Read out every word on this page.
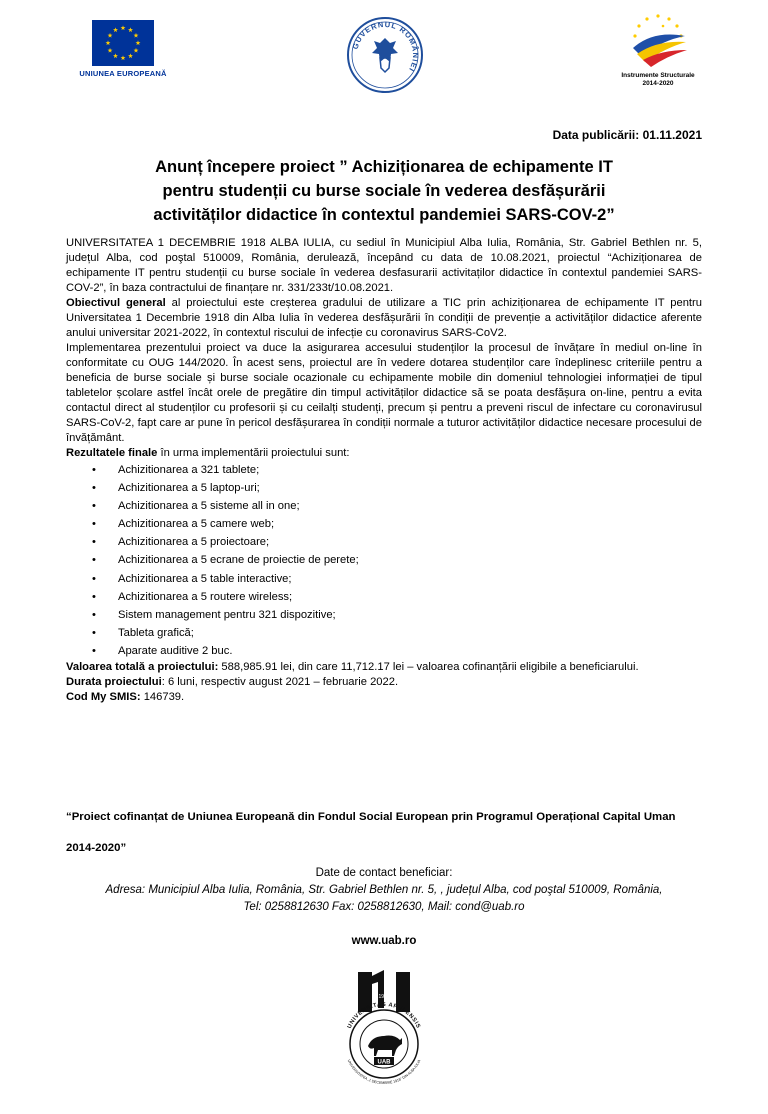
UNIUNEA EUROPEANĂ
GUVERNUL ROMÂNIEI
Instrumente Structurale
2014-2020
Data publicării: 01.11.2021
Anunț începere proiect ” Achiziționarea de echipamente IT
pentru studenții cu burse sociale în vederea desfășurării
activităților didactice în contextul pandemiei SARS-COV-2”

UNIVERSITATEA 1 DECEMBRIE 1918 ALBA IULIA, cu sediul în Municipiul Alba Iulia, România, Str. Gabriel Bethlen nr. 5, județul Alba, cod poştal 510009, România, derulează, începând cu data de 10.08.2021, proiectul “Achiziționarea de echipamente IT pentru studenții cu burse sociale în vederea desfasurarii activitaților didactice în contextul pandemiei SARS-COV-2”, în baza contractului de finanțare nr. 331/233t/10.08.2021.

Obiectivul general al proiectului este creșterea gradului de utilizare a TIC prin achiziționarea de echipamente IT pentru Universitatea 1 Decembrie 1918 din Alba Iulia în vederea desfășurării în condiții de prevenție a activităților didactice aferente anului universitar 2021-2022, în contextul riscului de infecție cu coronavirus SARS-CoV2.

Implementarea prezentului proiect va duce la asigurarea accesului studenților la procesul de învățare în mediul on-line în conformitate cu OUG 144/2020. În acest sens, proiectul are în vedere dotarea studenților care îndeplinesc criteriile pentru a beneficia de burse sociale și burse sociale ocazionale cu echipamente mobile din domeniul tehnologiei informației de tipul tabletelor școlare astfel încât orele de pregătire din timpul activităților didactice să se poata desfășura on-line, pentru a evita contactul direct al studenților cu profesorii și cu ceilalți studenți, precum și pentru a preveni riscul de infectare cu coronavirusul SARS-CoV-2, fapt care ar pune în pericol desfășurarea în condiții normale a tuturor activităților didactice necesare procesului de învățământ.

Rezultatele finale în urma implementării proiectului sunt:

• Achizitionarea a 321 tablete;
• Achizitionarea a 5 laptop-uri;
• Achizitionarea a 5 sisteme all in one;
• Achizitionarea a 5 camere web;
• Achizitionarea a 5 proiectoare;
• Achizitionarea a 5 ecrane de proiectie de perete;
• Achizitionarea a 5 table interactive;
• Achizitionarea a 5 routere wireless;
• Sistem management pentru 321 dispozitive;
• Tableta grafică;
• Aparate auditive 2 buc.

Valoarea totală a proiectului: 588,985.91 lei, din care 11,712.17 lei – valoarea cofinanțării eligibile a beneficiarului.

Durata proiectului: 6 luni, respectiv august 2021 – februarie 2022.

Cod My SMIS: 146739.

“Proiect cofinanțat de Uniunea Europeană din Fondul Social European prin Programul Operațional Capital Uman 2014-2020”

Date de contact beneficiar:
Adresa: Municipiul Alba Iulia, România, Str. Gabriel Bethlen nr. 5, , județul Alba, cod poştal 510009, România,
Tel: 0258812630 Fax: 0258812630, Mail: cond@uab.ro
www.uab.ro
1991
UNIVERSITAS APULENSIS
UNIVERSITATEA „1 DECEMBRIE 1918” DIN ALBA IULIA
UAB
